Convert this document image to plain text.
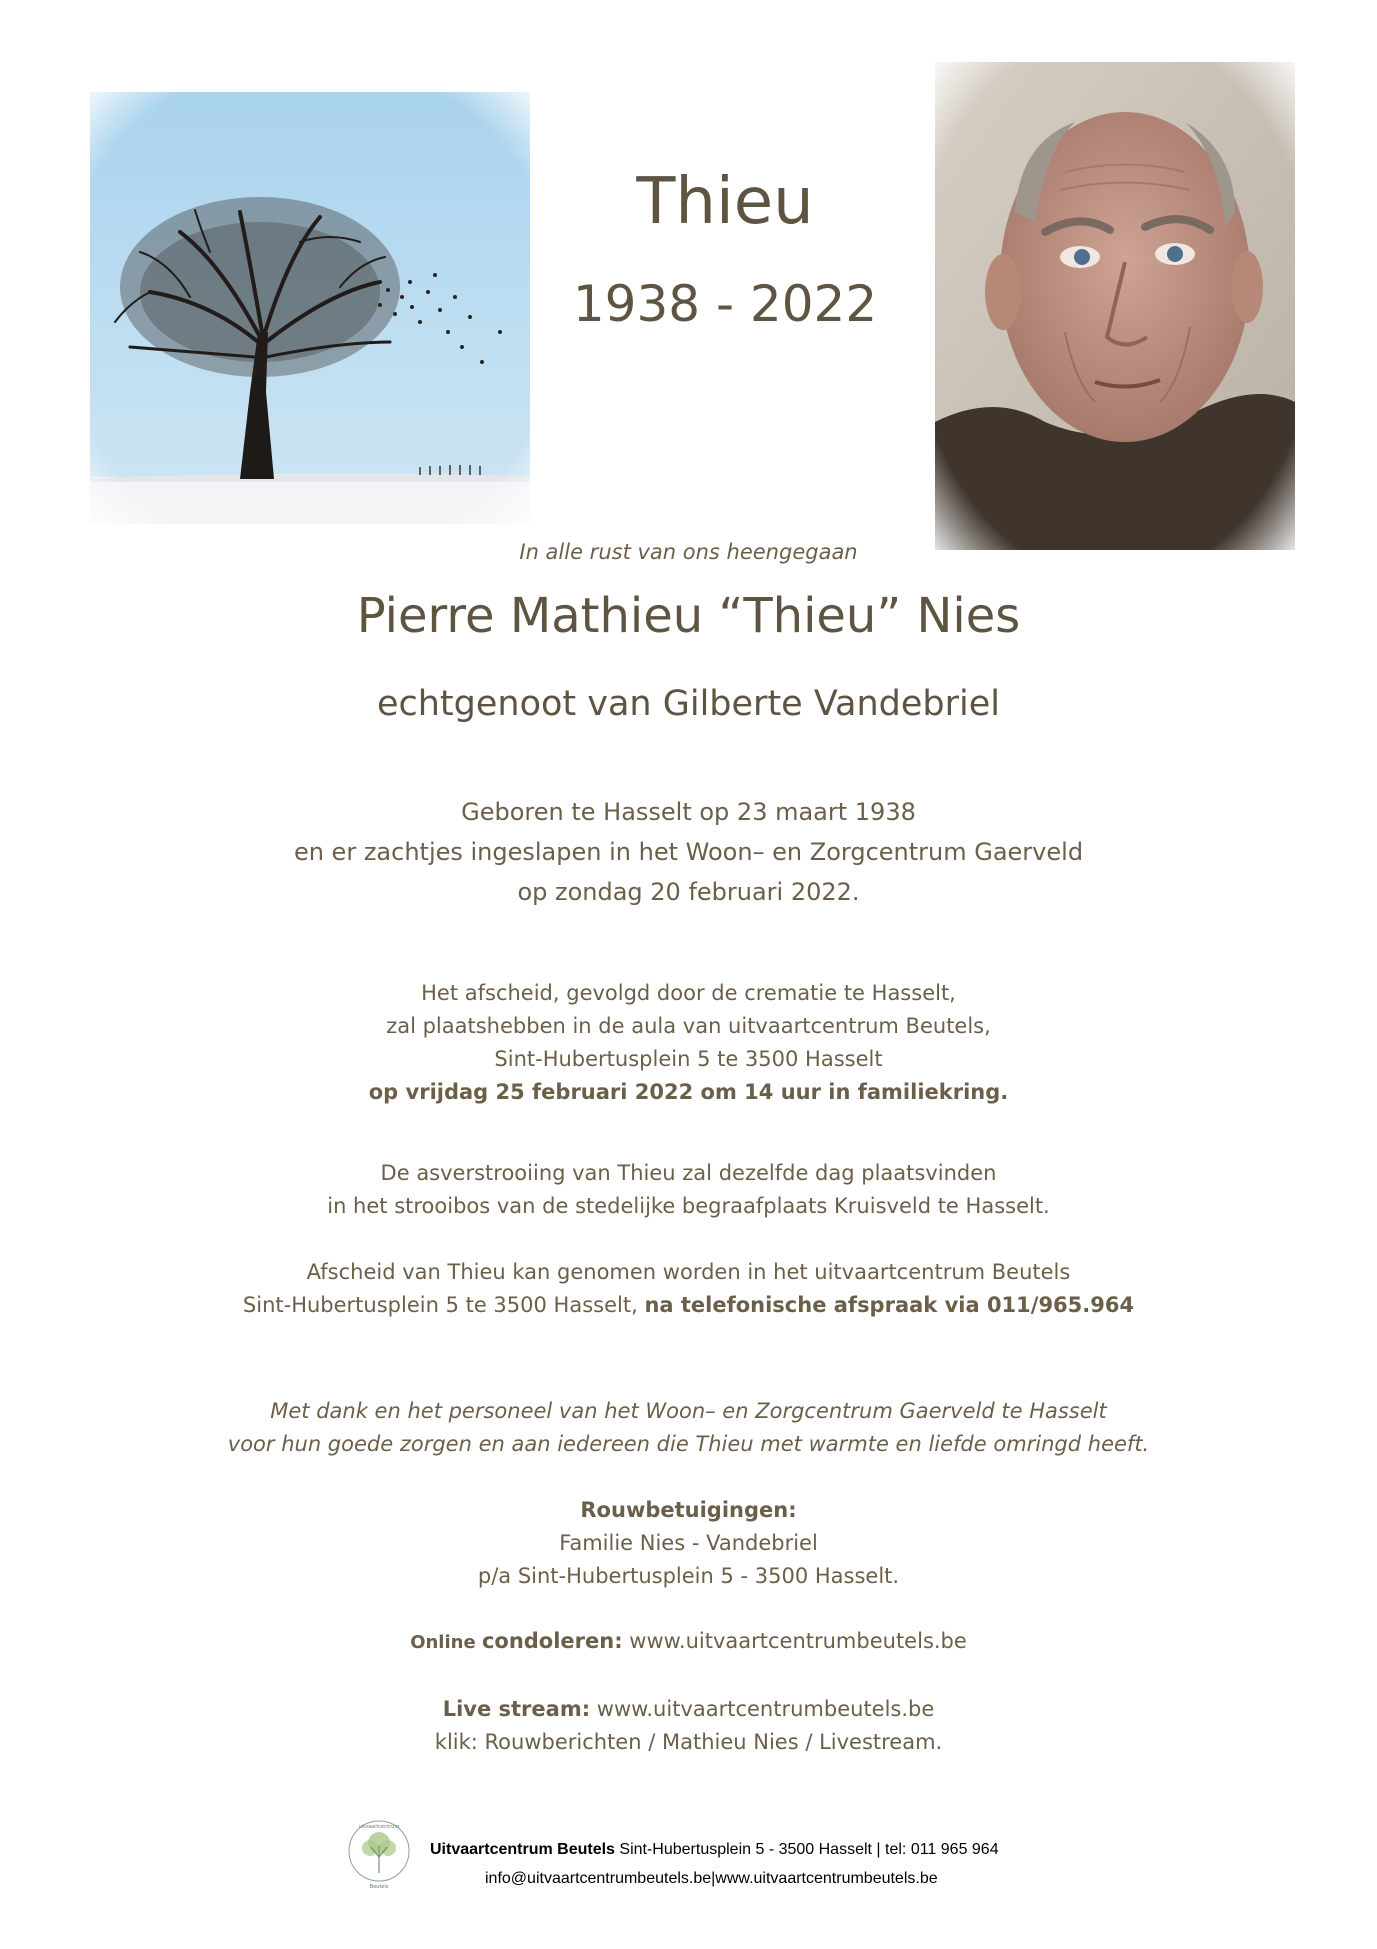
Thieu
1938 - 2022
In alle rust van ons heengegaan
Pierre Mathieu “Thieu” Nies
echtgenoot van Gilberte Vandebriel
Geboren te Hasselt op 23 maart 1938
en er zachtjes ingeslapen in het Woon– en Zorgcentrum Gaerveld
op zondag 20 februari 2022.
Het afscheid, gevolgd door de crematie te Hasselt,
zal plaatshebben in de aula van uitvaartcentrum Beutels,
Sint-Hubertusplein 5 te 3500 Hasselt
op vrijdag 25 februari 2022 om 14 uur in familiekring.
De asverstrooiing van Thieu zal dezelfde dag plaatsvinden
in het strooibos van de stedelijke begraafplaats Kruisveld te Hasselt.
Afscheid van Thieu kan genomen worden in het uitvaartcentrum Beutels
Sint-Hubertusplein 5 te 3500 Hasselt, na telefonische afspraak via 011/965.964
Met dank en het personeel van het Woon– en Zorgcentrum Gaerveld te Hasselt
voor hun goede zorgen en aan iedereen die Thieu met warmte en liefde omringd heeft.
Rouwbetuigingen:
Familie Nies - Vandebriel
p/a Sint-Hubertusplein 5 - 3500 Hasselt.
Online condoleren: www.uitvaartcentrumbeutels.be
Live stream: www.uitvaartcentrumbeutels.be
klik: Rouwberichten / Mathieu Nies / Livestream.
uitvaartcentrum
Beutels
Uitvaartcentrum Beutels Sint-Hubertusplein 5 - 3500 Hasselt | tel: 011 965 964
info@uitvaartcentrumbeutels.be|www.uitvaartcentrumbeutels.be
